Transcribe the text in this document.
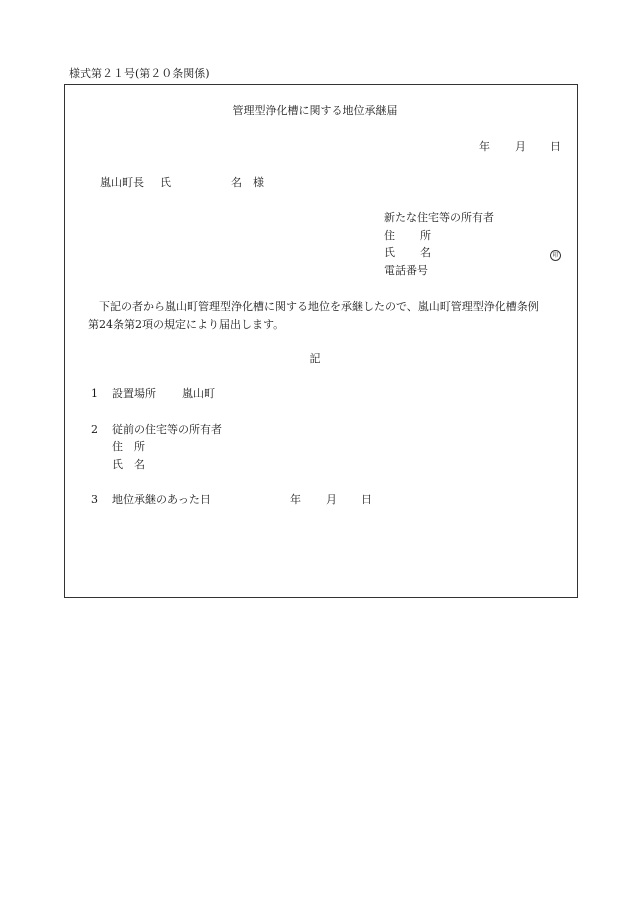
様式第２１号(第２０条関係)
管理型浄化槽に関する地位承継届
年 月 日
嵐山町長 氏	名 様
新たな住宅等の所有者
住 所
氏 名	印
電話番号

下記の者から嵐山町管理型浄化槽に関する地位を承継したので、嵐山町管理型浄化槽条例

第24条第2項の規定により届出します。

記
1 設置場所 嵐山町
2 従前の住宅等の所有者
住　所
氏　名
3 地位承継のあった日	年 月 日
